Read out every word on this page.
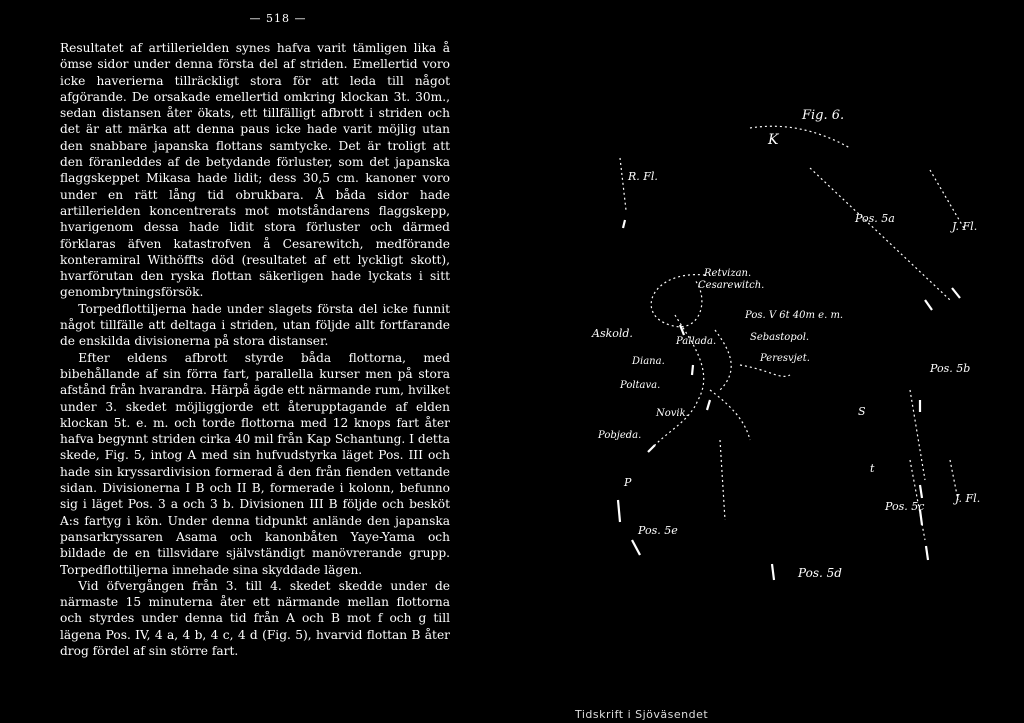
— 518 —

Resultatet af artillerielden synes hafva varit tämligen lika å ömse sidor under denna första del af striden. Emellertid voro icke haverierna tillräckligt stora för att leda till något afgörande. De orsakade emellertid omkring klockan 3t. 30m., sedan distansen åter ökats, ett tillfälligt afbrott i striden och det är att märka att denna paus icke hade varit möjlig utan den snabbare japanska flottans samtycke. Det är troligt att den föranleddes af de betydande förluster, som det japanska flaggskeppet Mikasa hade lidit; dess 30,5 cm. kanoner voro under en rätt lång tid obrukbara. Å båda sidor hade artillerielden koncentrerats mot motståndarens flaggskepp, hvarigenom dessa hade lidit stora förluster och därmed förklaras äfven katastrofven å Cesarewitch, medförande konteramiral Withöffts död (resultatet af ett lyckligt skott), hvarförutan den ryska flottan säkerligen hade lyckats i sitt genombrytningsförsök.

Torpedflottiljerna hade under slagets första del icke funnit något tillfälle att deltaga i striden, utan följde allt fortfarande de enskilda divisionerna på stora distanser.

Efter eldens afbrott styrde båda flottorna, med bibehållande af sin förra fart, parallella kurser men på stora afstånd från hvarandra. Härpå ägde ett närmande rum, hvilket under 3. skedet möjliggjorde ett återupptagande af elden klockan 5t. e. m. och torde flottorna med 12 knops fart åter hafva begynnt striden cirka 40 mil från Kap Schantung. I detta skede, Fig. 5, intog A med sin hufvudstyrka läget Pos. III och hade sin kryssardivision formerad å den från fienden vettande sidan. Divisionerna I B och II B, formerade i kolonn, befunno sig i läget Pos. 3 a och 3 b. Divisionen III B följde och besköt A:s fartyg i kön. Under denna tidpunkt anlände den japanska pansarkryssaren Asama och kanonbåten Yaye-Yama och bildade de en tillsvidare självständigt manövrerande grupp. Torpedflottiljerna innehade sina skyddade lägen.

Vid öfvergången från 3. till 4. skedet skedde under de närmaste 15 minuterna åter ett närmande mellan flottorna och styrdes under denna tid från A och B mot f och g till lägena Pos. IV, 4 a, 4 b, 4 c, 4 d (Fig. 5), hvarvid flottan B åter drog fördel af sin större fart.

Fig. 6.
K
R. Fl.
J. Fl.
Pos. 5a
Retvizan.
Cesarewitch.
Askold.
Pos. V 6t 40m e. m.
Sebastopol.
Pallada.
Diana.	Peresvjet.
Poltava.
Novik.
Pobjeda.
Pos. 5b
S
t
Pos. 5c
J. Fl.
P
Pos. 5e
Pos. 5d
Tidskrift i Sjöväsendet
